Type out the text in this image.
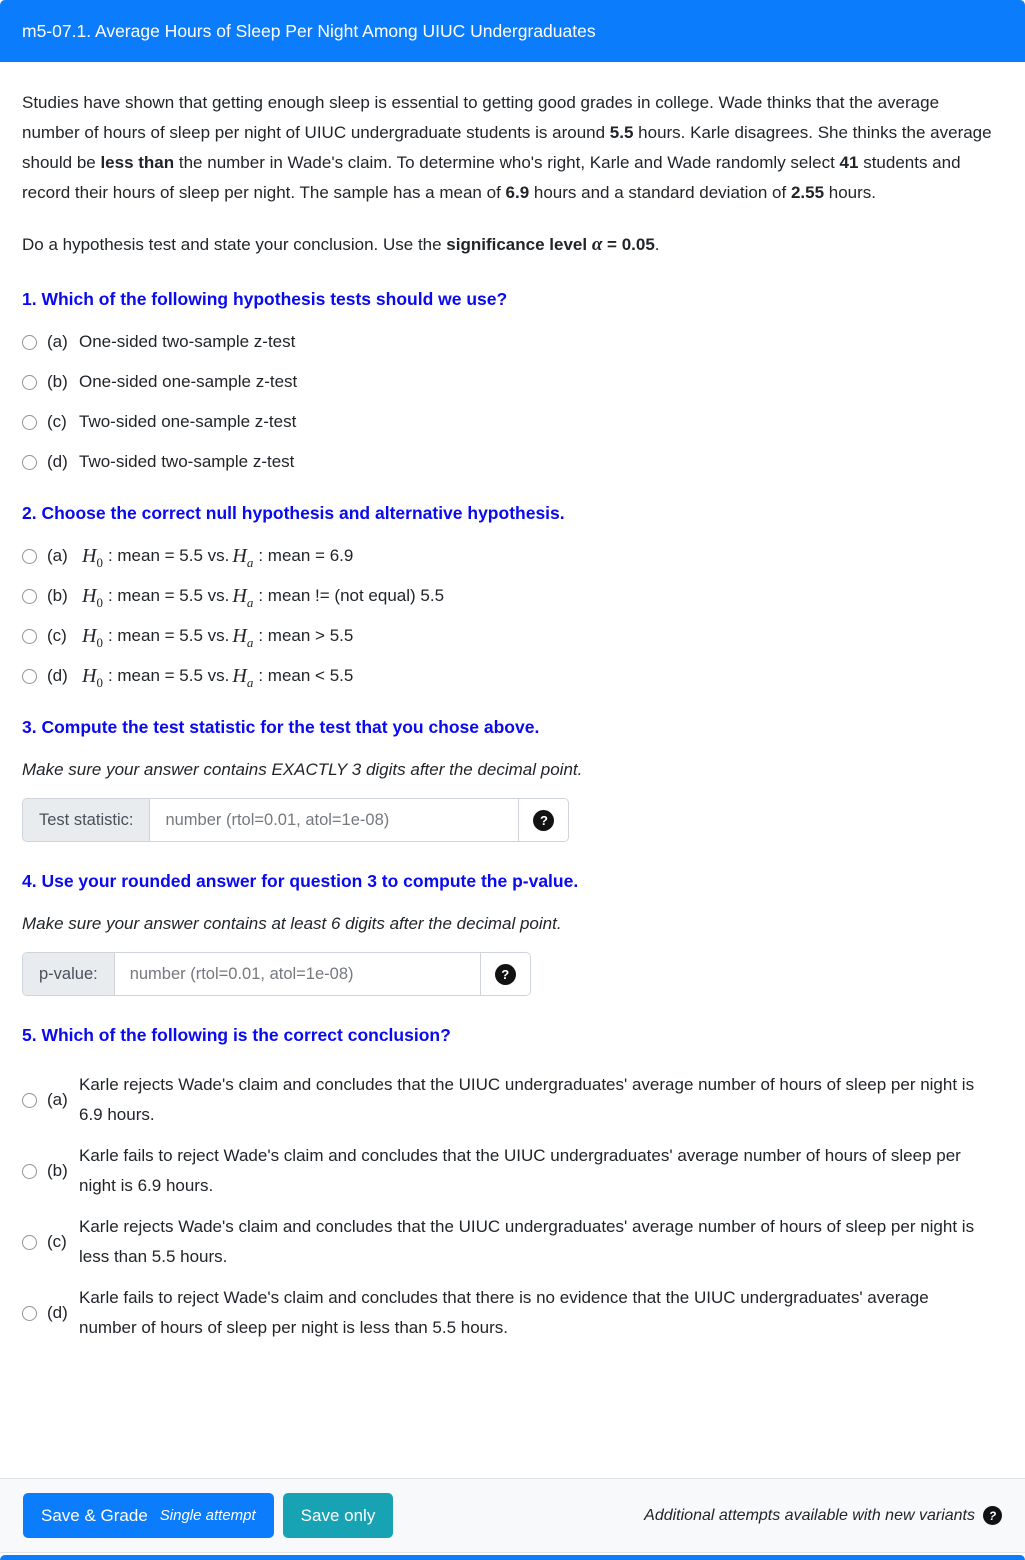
m5-07.1. Average Hours of Sleep Per Night Among UIUC Undergraduates

Studies have shown that getting enough sleep is essential to getting good grades in college. Wade thinks that the average number of hours of sleep per night of UIUC undergraduate students is around 5.5 hours. Karle disagrees. She thinks the average should be less than the number in Wade's claim. To determine who's right, Karle and Wade randomly select 41 students and record their hours of sleep per night. The sample has a mean of 6.9 hours and a standard deviation of 2.55 hours.

Do a hypothesis test and state your conclusion. Use the significance level α = 0.05.

1. Which of the following hypothesis tests should we use?
(a) One-sided two-sample z-test
(b) One-sided one-sample z-test
(c) Two-sided one-sample z-test
(d) Two-sided two-sample z-test
2. Choose the correct null hypothesis and alternative hypothesis.
(a) $H_0$ : mean = 5.5 vs. $H_a$ : mean = 6.9
(b) $H_0$ : mean = 5.5 vs. $H_a$ : mean != (not equal) 5.5
(c) $H_0$ : mean = 5.5 vs. $H_a$ : mean > 5.5
(d) $H_0$ : mean = 5.5 vs. $H_a$ : mean < 5.5
3. Compute the test statistic for the test that you chose above.
Make sure your answer contains EXACTLY 3 digits after the decimal point.
Test statistic:
number (rtol=0.01, atol=1e-08)	?
4. Use your rounded answer for question 3 to compute the p-value.
Make sure your answer contains at least 6 digits after the decimal point.
p-value:
number (rtol=0.01, atol=1e-08)	?
5. Which of the following is the correct conclusion?
(a)
Karle rejects Wade's claim and concludes that the UIUC undergraduates' average number of hours of sleep per night is 6.9 hours.
(b)
Karle fails to reject Wade's claim and concludes that the UIUC undergraduates' average number of hours of sleep per night is 6.9 hours.
(c)
Karle rejects Wade's claim and concludes that the UIUC undergraduates' average number of hours of sleep per night is less than 5.5 hours.
(d)
Karle fails to reject Wade's claim and concludes that there is no evidence that the UIUC undergraduates' average number of hours of sleep per night is less than 5.5 hours.
Save & Grade Single attempt	Save only	Additional attempts available with new variants	?
